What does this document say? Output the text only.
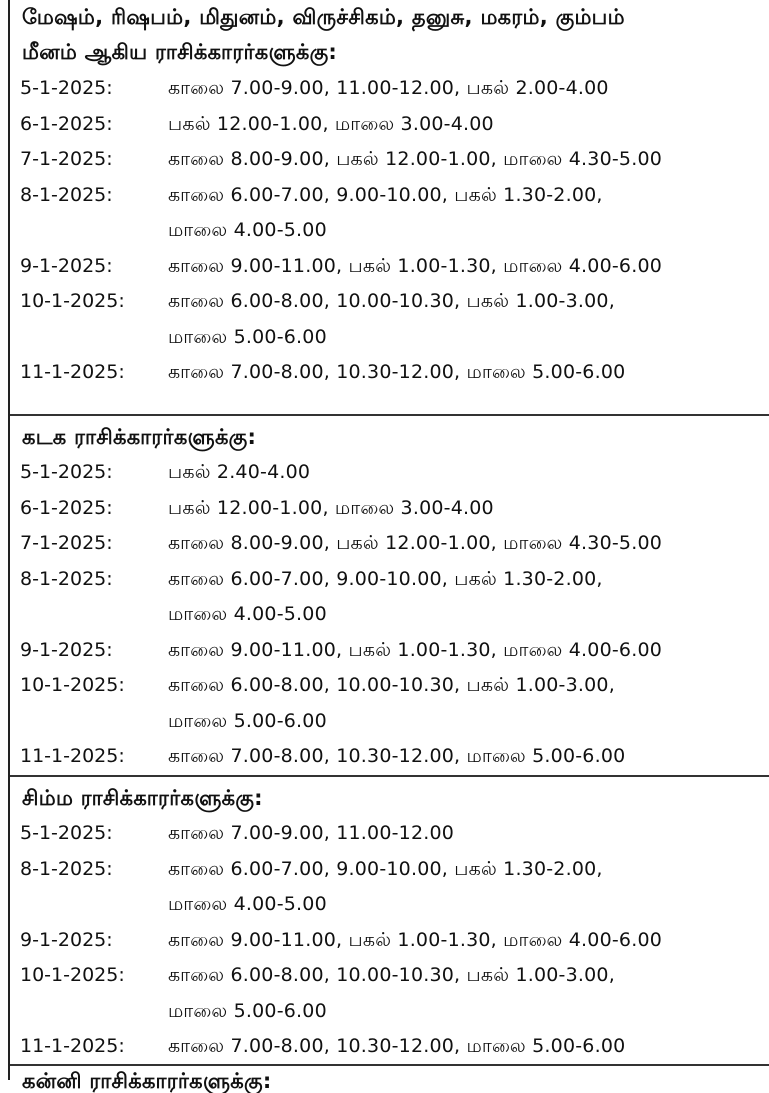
மேஷம், ரிஷபம், மிதுனம், விருச்சிகம், தனுசு, மகரம், கும்பம்
மீனம் ஆகிய ராசிக்காரர்களுக்கு:
5-1-2025:	காலை 7.00-9.00, 11.00-12.00, பகல் 2.00-4.00
6-1-2025:	பகல் 12.00-1.00, மாலை 3.00-4.00
7-1-2025:	காலை 8.00-9.00, பகல் 12.00-1.00, மாலை 4.30-5.00
8-1-2025:	காலை 6.00-7.00, 9.00-10.00, பகல் 1.30-2.00,
மாலை 4.00-5.00
9-1-2025:	காலை 9.00-11.00, பகல் 1.00-1.30, மாலை 4.00-6.00
10-1-2025: காலை 6.00-8.00, 10.00-10.30, பகல் 1.00-3.00,
மாலை 5.00-6.00
11-1-2025: காலை 7.00-8.00, 10.30-12.00, மாலை 5.00-6.00
கடக ராசிக்காரர்களுக்கு:
5-1-2025:	பகல் 2.40-4.00
6-1-2025:	பகல் 12.00-1.00, மாலை 3.00-4.00
7-1-2025:	காலை 8.00-9.00, பகல் 12.00-1.00, மாலை 4.30-5.00
8-1-2025:	காலை 6.00-7.00, 9.00-10.00, பகல் 1.30-2.00,
மாலை 4.00-5.00
9-1-2025:	காலை 9.00-11.00, பகல் 1.00-1.30, மாலை 4.00-6.00
10-1-2025: காலை 6.00-8.00, 10.00-10.30, பகல் 1.00-3.00,
மாலை 5.00-6.00
11-1-2025: காலை 7.00-8.00, 10.30-12.00, மாலை 5.00-6.00
சிம்ம ராசிக்காரர்களுக்கு:
5-1-2025:	காலை 7.00-9.00, 11.00-12.00
8-1-2025:	காலை 6.00-7.00, 9.00-10.00, பகல் 1.30-2.00,
மாலை 4.00-5.00
9-1-2025:	காலை 9.00-11.00, பகல் 1.00-1.30, மாலை 4.00-6.00
10-1-2025: காலை 6.00-8.00, 10.00-10.30, பகல் 1.00-3.00,
மாலை 5.00-6.00
11-1-2025: காலை 7.00-8.00, 10.30-12.00, மாலை 5.00-6.00
கன்னி ராசிக்காரர்களுக்கு:
